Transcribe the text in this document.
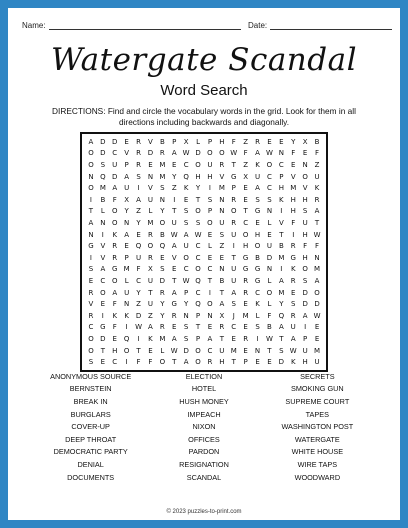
Name:	Date:
Watergate Scandal
Word Search
DIRECTIONS: Find and circle the vocabulary words in the grid. Look for them in all directions including backwards and diagonally.
A D D E	R	V	B	P	X	L	P	H	F	Z	R	E	E	Y	X	B
O D C	V	R D R	A W D O O W F	A W N	F	E	F
O S	U	P	R	E M E	C O U R	T	Z	K O C	E	N Z
N Q D A	S	N M Y	Q H H V G X U C	P	V O U
O M A U	I	V	S	Z	K	Y	I	M P	E	A	C H M V	K
I	B	F	X	A U N	I	E	T	S	N R	E	S	S	K H H R
T	L	O	Y	Z	L	Y	T	S O	P	N O	T	G N	I	H	S	A
A N O N	Y M O U	S	S O U R	C	E	L	V	F	U	T
N	I	K	A	E	R	B W A W E	S	U O H	E	T	I	H W
G V	R	E Q O Q A U C	L	Z	I	H O U B	R	F	F
I	V	R	P	U R	E	V O C	E	E	T	G B D M G H N
S	A G M F	X	S	E	C O C N U G G N	I	K O M
E	C O	L	C U D	T W Q	T	B U R G	L	A	R	S	A
R O A U	Y	T	R	A	P	C	I	T	A	R	C O M E D O
V	E	F	N Z U	Y	G	Y	Q O A	S	E	K	L	Y	S D D
R	I	K	K D Z	Y	R N	P	N X	J	M L	F	Q R	A W
C G	F	I	W A	R	E	S	T	E	R	C	E	S	B	A U	I	E
O D E Q	I	K M A	S	P	A	T	E	R	I	W T	A	P	E
O	T	H O	T	E	L W D O C U M E	N	T	S W U M
S	E	C	I	F	F	O	T	A O R H	T	P	E	E D K H U
ANONYMOUS SOURCE	ELECTION	SECRETS
BERNSTEIN	HOTEL	SMOKING GUN
BREAK IN	HUSH MONEY	SUPREME COURT
BURGLARS	IMPEACH	TAPES
COVER-UP	NIXON	WASHINGTON POST
DEEP THROAT	OFFICES	WATERGATE
DEMOCRATIC PARTY	PARDON	WHITE HOUSE
DENIAL	RESIGNATION	WIRE TAPS
DOCUMENTS	SCANDAL	WOODWARD
© 2023 puzzles-to-print.com
